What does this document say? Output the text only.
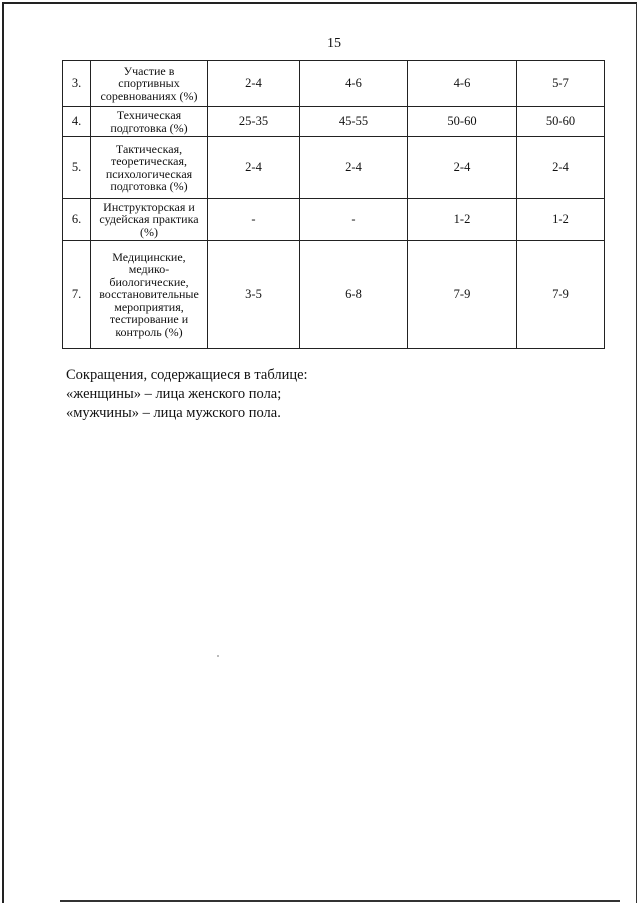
15
3.	Участие в спортивных соревнованиях (%)	2-4	4-6	4-6	5-7
4.	Техническая подготовка (%)	25-35	45-55	50-60	50-60
5.	Тактическая, теоретическая, психологическая подготовка (%)	2-4	2-4	2-4	2-4
6.	Инструкторская и судейская практика (%)	-	-	1-2	1-2
7.	Медицинские, медико-биологические, восстановительные мероприятия, тестирование и контроль (%)	3-5	6-8	7-9	7-9
Сокращения, содержащиеся в таблице:
«женщины» – лица женского пола;
«мужчины» – лица мужского пола.
